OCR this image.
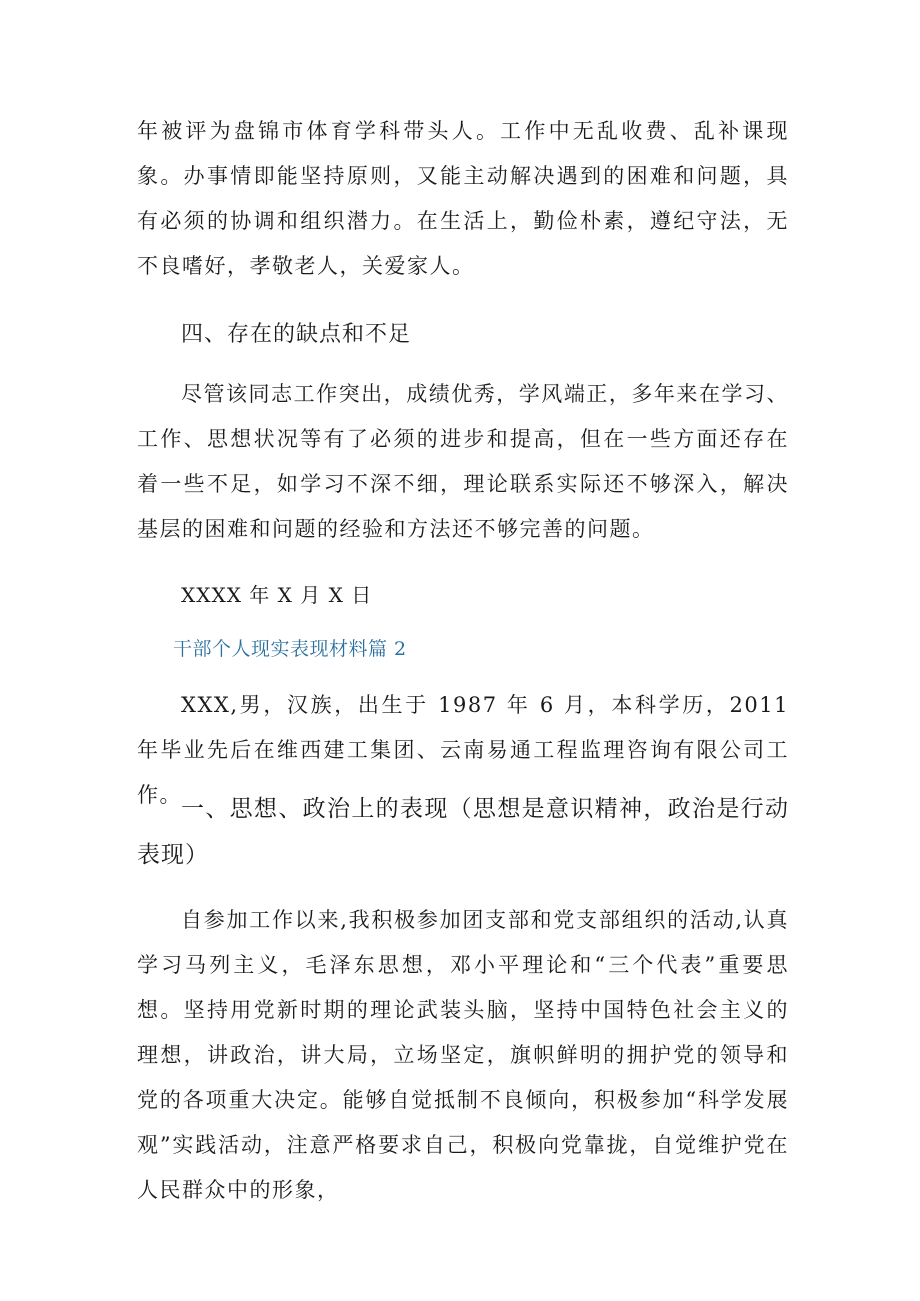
年被评为盘锦市体育学科带头人。工作中无乱收费、乱补课现象。办事情即能坚持原则，又能主动解决遇到的困难和问题，具有必须的协调和组织潜力。在生活上，勤俭朴素，遵纪守法，无不良嗜好，孝敬老人，关爱家人。

四、存在的缺点和不足

尽管该同志工作突出，成绩优秀，学风端正，多年来在学习、工作、思想状况等有了必须的进步和提高，但在一些方面还存在着一些不足，如学习不深不细，理论联系实际还不够深入，解决基层的困难和问题的经验和方法还不够完善的问题。

XXXX 年 X 月 X 日

干部个人现实表现材料篇 2

XXX,男，汉族，出生于 1987 年 6 月，本科学历，2011 年毕业先后在维西建工集团、云南易通工程监理咨询有限公司工作。

一、思想、政治上的表现（思想是意识精神，政治是行动表现）

自参加工作以来,我积极参加团支部和党支部组织的活动,认真学习马列主义，毛泽东思想，邓小平理论和“三个代表”重要思想。坚持用党新时期的理论武装头脑，坚持中国特色社会主义的理想，讲政治，讲大局，立场坚定，旗帜鲜明的拥护党的领导和党的各项重大决定。能够自觉抵制不良倾向，积极参加“科学发展观”实践活动，注意严格要求自己，积极向党靠拢，自觉维护党在人民群众中的形象，
